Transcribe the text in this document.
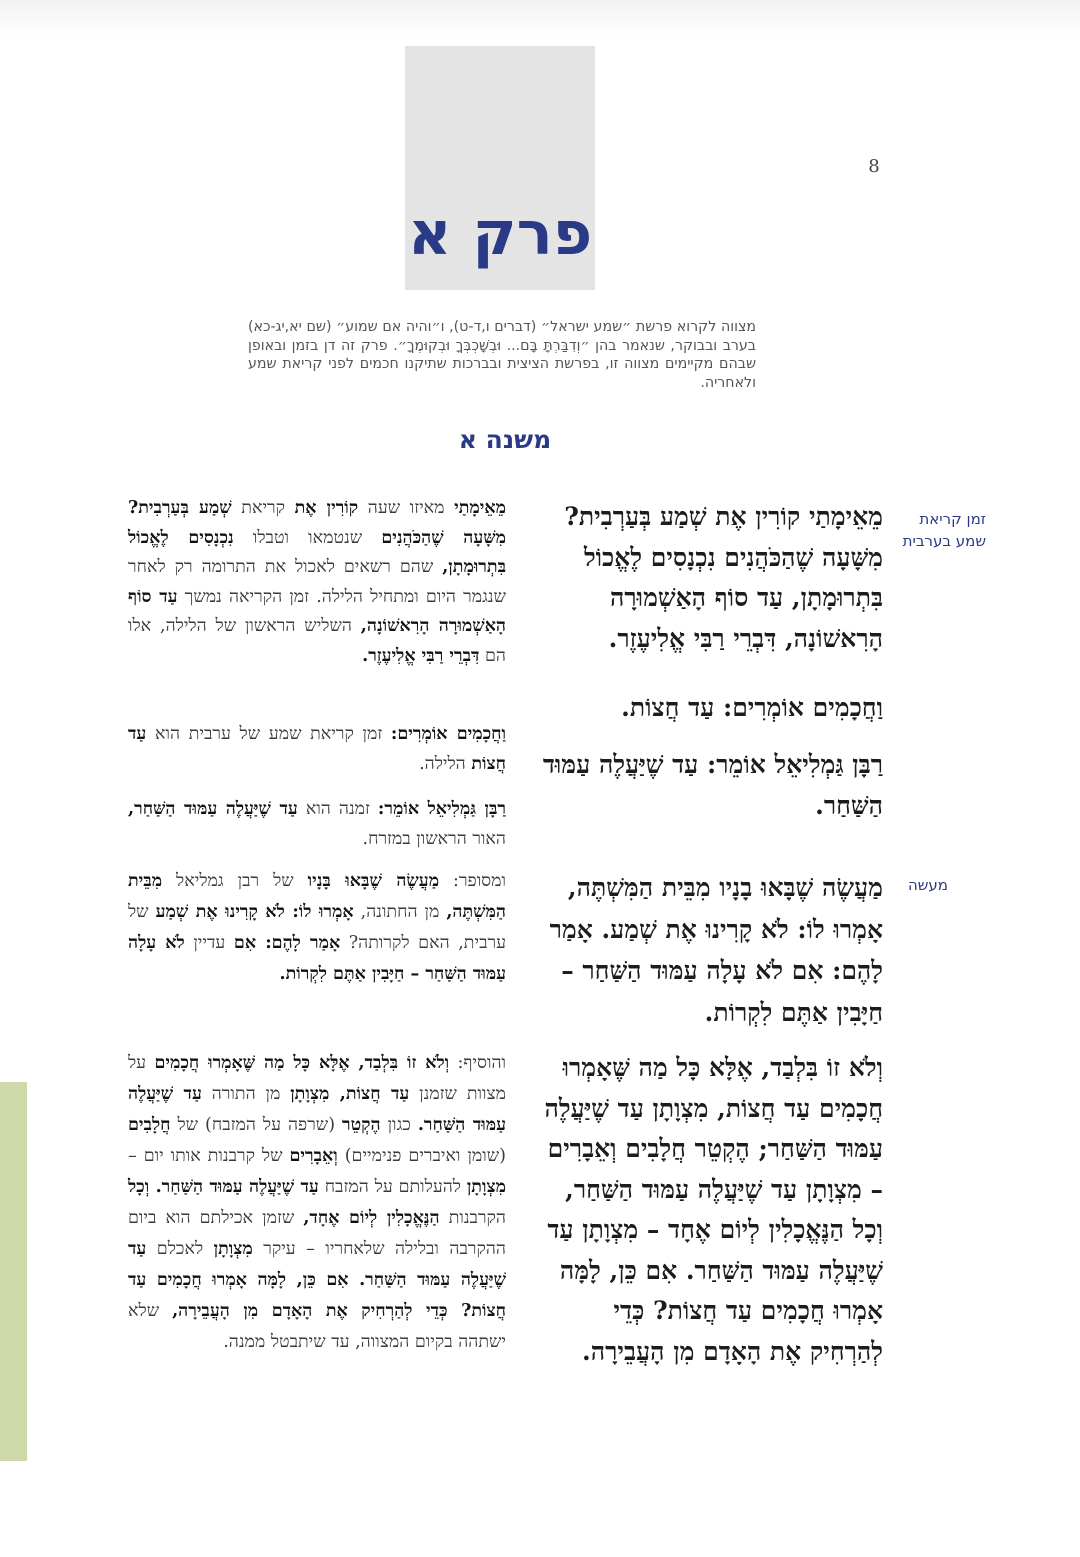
8
פרק א
מצווה לקרוא פרשת ״שמע ישראל״ (דברים ו,ד-ט), ו״והיה אם שמוע״ (שם יא,יג-כא) בערב ובבוקר, שנאמר בהן ״וְדִבַּרְתָּ בָּם... וּבְשָׁכְבְּךָ וּבְקוּמֶךָ״. פרק זה דן בזמן ובאופן שבהם מקיימים מצווה זו, בפרשת הציצית ובברכות שתיקנו חכמים לפני קריאת שמע ולאחריה.
משנה א
זמן קריאת שמע בערבית
מעשה

מֵאֵימָתַי קוֹרִין אֶת שְׁמַע בְּעַרְבִית? מִשָּׁעָה שֶׁהַכֹּהֲנִים נִכְנָסִים לֶאֱכוֹל בִּתְרוּמָתָן, עַד סוֹף הָאַשְׁמוּרָה הָרִאשׁוֹנָה, דִּבְרֵי רַבִּי אֱלִיעֶזֶר.

וַחֲכָמִים אוֹמְרִים: עַד חֲצוֹת.

רַבָּן גַּמְלִיאֵל אוֹמֵר: עַד שֶׁיַּעֲלֶה עַמּוּד הַשַּׁחַר.

מַעֲשֶׂה שֶׁבָּאוּ בָנָיו מִבֵּית הַמִּשְׁתֶּה, אָמְרוּ לוֹ: לֹא קָרִינוּ אֶת שְׁמַע. אָמַר לָהֶם: אִם לֹא עָלָה עַמּוּד הַשַּׁחַר – חַיָּבִין אַתֶּם לִקְרוֹת.

וְלֹא זוֹ בִּלְבַד, אֶלָּא כָּל מַה שֶּׁאָמְרוּ חֲכָמִים עַד חֲצוֹת, מִצְוָתָן עַד שֶׁיַּעֲלֶה עַמּוּד הַשַּׁחַר; הֶקְטֵר חֲלָבִים וְאֵבָרִים – מִצְוָתָן עַד שֶׁיַּעֲלֶה עַמּוּד הַשַּׁחַר, וְכָל הַנֶּאֱכָלִין לְיוֹם אֶחָד – מִצְוָתָן עַד שֶׁיַּעֲלֶה עַמּוּד הַשַּׁחַר. אִם כֵּן, לָמָּה אָמְרוּ חֲכָמִים עַד חֲצוֹת? כְּדֵי לְהַרְחִיק אֶת הָאָדָם מִן הָעֲבֵירָה.

מֵאֵימָתַי מאיזו שעה קוֹרִין אֶת קריאת שְׁמַע בְּעַרְבִית? מִשָּׁעָה שֶׁהַכֹּהֲנִים שנטמאו וטבלו נִכְנָסִים לֶאֱכוֹל בִּתְרוּמָתָן, שהם רשאים לאכול את התרומה רק לאחר שנגמר היום ומתחיל הלילה. זמן הקריאה נמשך עַד סוֹף הָאַשְׁמוּרָה הָרִאשׁוֹנָה, השליש הראשון של הלילה, אלו הם דִּבְרֵי רַבִּי אֱלִיעֶזֶר.

וַחֲכָמִים אוֹמְרִים: זמן קריאת שמע של ערבית הוא עַד חֲצוֹת הלילה.

רַבָּן גַּמְלִיאֵל אוֹמֵר: זמנה הוא עַד שֶׁיַּעֲלֶה עַמּוּד הַשַּׁחַר, האור הראשון במזרח.

ומסופר: מַעֲשֶׂה שֶׁבָּאוּ בָּנָיו של רבן גמליאל מִבֵּית הַמִּשְׁתֶּה, מן החתונה, אָמְרוּ לוֹ: לֹא קָרִינוּ אֶת שְׁמַע של ערבית, האם לקרותה? אָמַר לָהֶם: אִם עדיין לֹא עָלָה עַמּוּד הַשַּׁחַר – חַיָּבִין אַתֶּם לִקְרוֹת.

והוסיף: וְלֹא זוֹ בִּלְבַד, אֶלָּא כָּל מַה שֶּׁאָמְרוּ חֲכָמִים על מצוות שזמנן עַד חֲצוֹת, מִצְוָתָן מן התורה עַד שֶׁיַּעֲלֶה עַמּוּד הַשַּׁחַר. כגון הֶקְטֵר (שרפה על המזבח) של חֲלָבִים (שומן ואיברים פנימיים) וְאֵבָרִים של קרבנות אותו יום – מִצְוָתָן להעלותם על המזבח עַד שֶׁיַּעֲלֶה עַמּוּד הַשַּׁחַר. וְכָל הקרבנות הַנֶּאֱכָלִין לְיוֹם אֶחָד, שזמן אכילתם הוא ביום ההקרבה ובלילה שלאחריו – עיקר מִצְוָתָן לאכלם עַד שֶׁיַּעֲלֶה עַמּוּד הַשַּׁחַר. אִם כֵּן, לָמָּה אָמְרוּ חֲכָמִים עַד חֲצוֹת? כְּדֵי לְהַרְחִיק אֶת הָאָדָם מִן הָעֲבֵירָה, שלא ישתהה בקיום המצווה, עד שיתבטל ממנה.
